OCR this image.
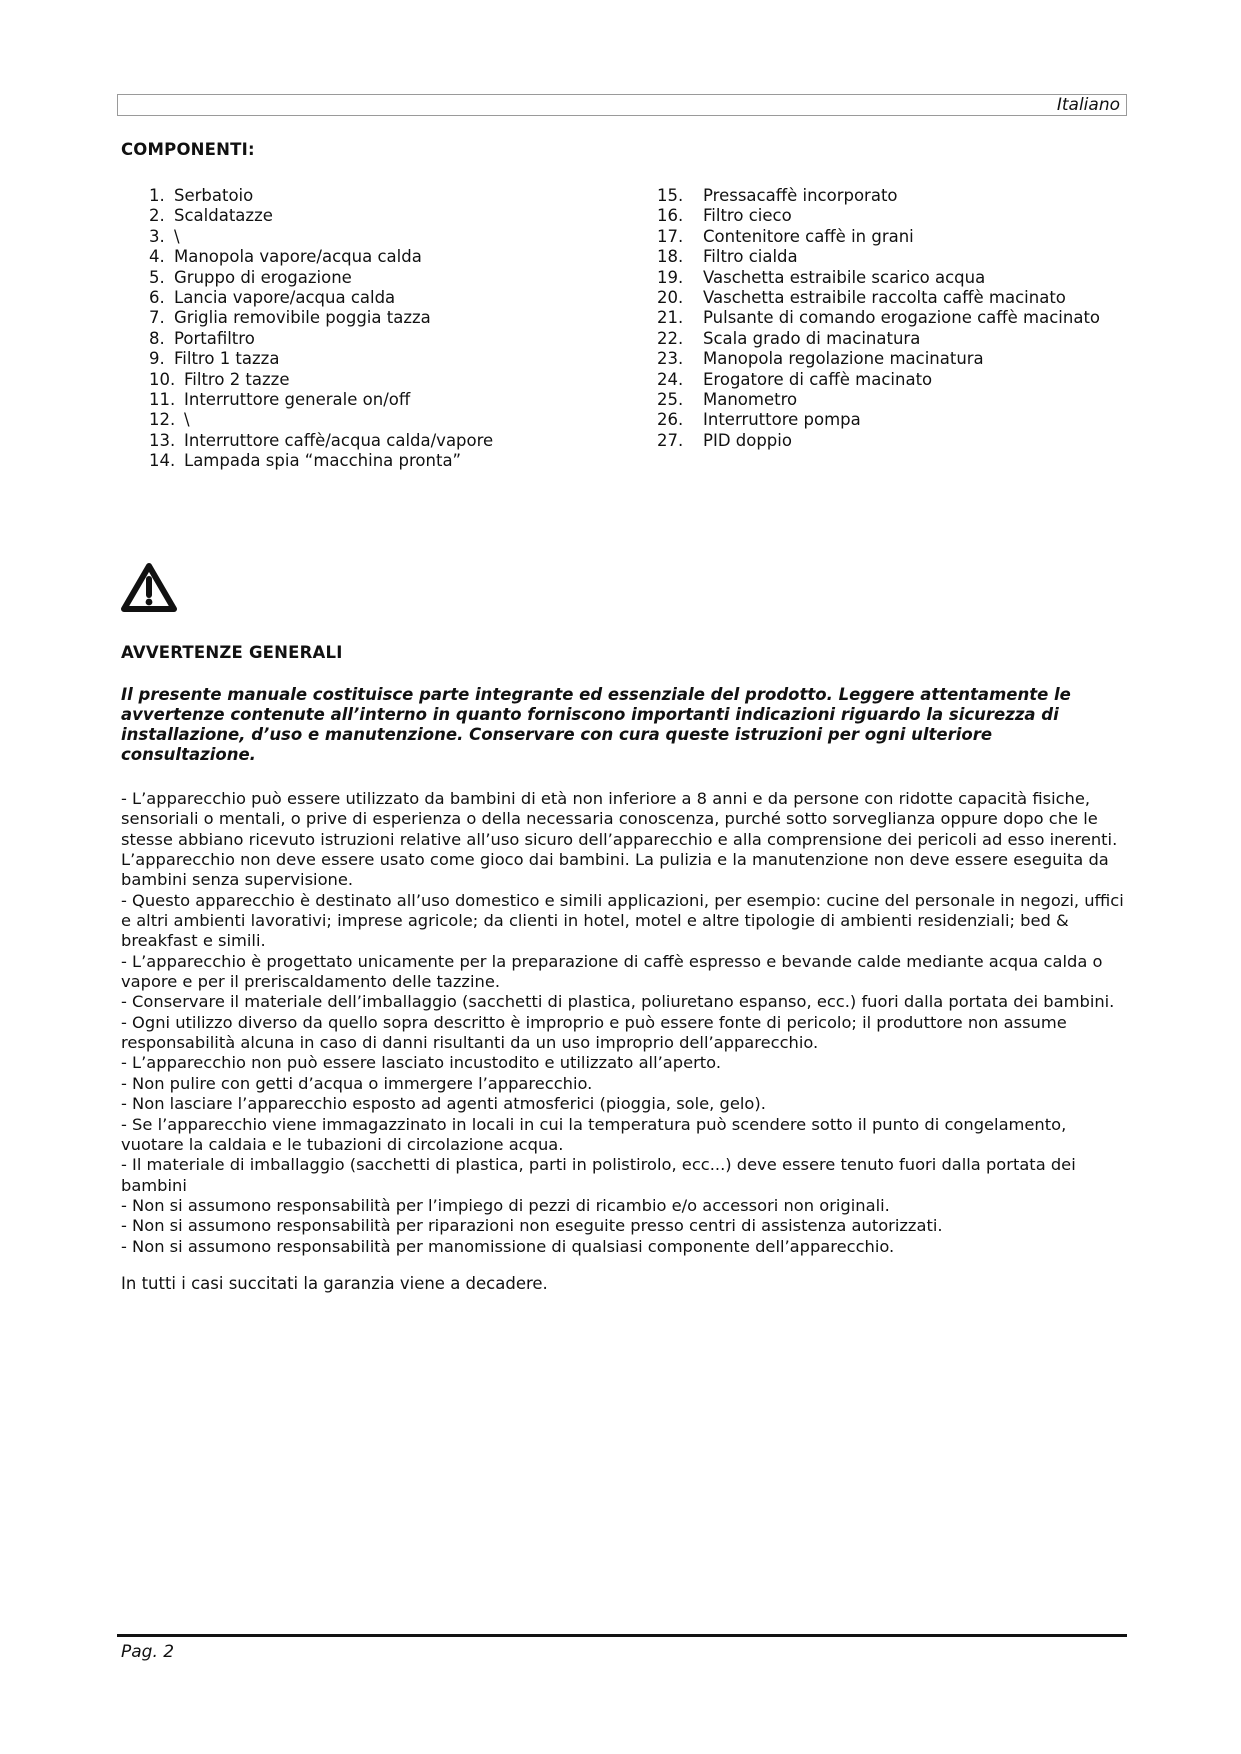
Italiano
COMPONENTI:
1. Serbatoio
2. Scaldatazze
3. \
4. Manopola vapore/acqua calda
5. Gruppo di erogazione
6. Lancia vapore/acqua calda
7. Griglia removibile poggia tazza
8. Portafiltro
9. Filtro 1 tazza
10. Filtro 2 tazze
11. Interruttore generale on/off
12. \
13. Interruttore caffè/acqua calda/vapore
14. Lampada spia “macchina pronta”
15. Pressacaffè incorporato
16. Filtro cieco
17. Contenitore caffè in grani
18. Filtro cialda
19. Vaschetta estraibile scarico acqua
20. Vaschetta estraibile raccolta caffè macinato
21. Pulsante di comando erogazione caffè macinato
22. Scala grado di macinatura
23. Manopola regolazione macinatura
24. Erogatore di caffè macinato
25. Manometro
26. Interruttore pompa
27. PID doppio
AVVERTENZE GENERALI
Il presente manuale costituisce parte integrante ed essenziale del prodotto. Leggere attentamente le avvertenze contenute all’interno in quanto forniscono importanti indicazioni riguardo la sicurezza di installazione, d’uso e manutenzione. Conservare con cura queste istruzioni per ogni ulteriore consultazione.
- L’apparecchio può essere utilizzato da bambini di età non inferiore a 8 anni e da persone con ridotte capacità fisiche, sensoriali o mentali, o prive di esperienza o della necessaria conoscenza, purché sotto sorveglianza oppure dopo che le stesse abbiano ricevuto istruzioni relative all’uso sicuro dell’apparecchio e alla comprensione dei pericoli ad esso inerenti. L’apparecchio non deve essere usato come gioco dai bambini. La pulizia e la manutenzione non deve essere eseguita da bambini senza supervisione.
- Questo apparecchio è destinato all’uso domestico e simili applicazioni, per esempio: cucine del personale in negozi, uffici e altri ambienti lavorativi; imprese agricole; da clienti in hotel, motel e altre tipologie di ambienti residenziali; bed & breakfast e simili.
- L’apparecchio è progettato unicamente per la preparazione di caffè espresso e bevande calde mediante acqua calda o vapore e per il preriscaldamento delle tazzine.
- Conservare il materiale dell’imballaggio (sacchetti di plastica, poliuretano espanso, ecc.) fuori dalla portata dei bambini.
- Ogni utilizzo diverso da quello sopra descritto è improprio e può essere fonte di pericolo; il produttore non assume responsabilità alcuna in caso di danni risultanti da un uso improprio dell’apparecchio.
- L’apparecchio non può essere lasciato incustodito e utilizzato all’aperto.
- Non pulire con getti d’acqua o immergere l’apparecchio.
- Non lasciare l’apparecchio esposto ad agenti atmosferici (pioggia, sole, gelo).
- Se l’apparecchio viene immagazzinato in locali in cui la temperatura può scendere sotto il punto di congelamento, vuotare la caldaia e le tubazioni di circolazione acqua.
- Il materiale di imballaggio (sacchetti di plastica, parti in polistirolo, ecc...) deve essere tenuto fuori dalla portata dei bambini
- Non si assumono responsabilità per l’impiego di pezzi di ricambio e/o accessori non originali.
- Non si assumono responsabilità per riparazioni non eseguite presso centri di assistenza autorizzati.
- Non si assumono responsabilità per manomissione di qualsiasi componente dell’apparecchio.
In tutti i casi succitati la garanzia viene a decadere.
Pag. 2
